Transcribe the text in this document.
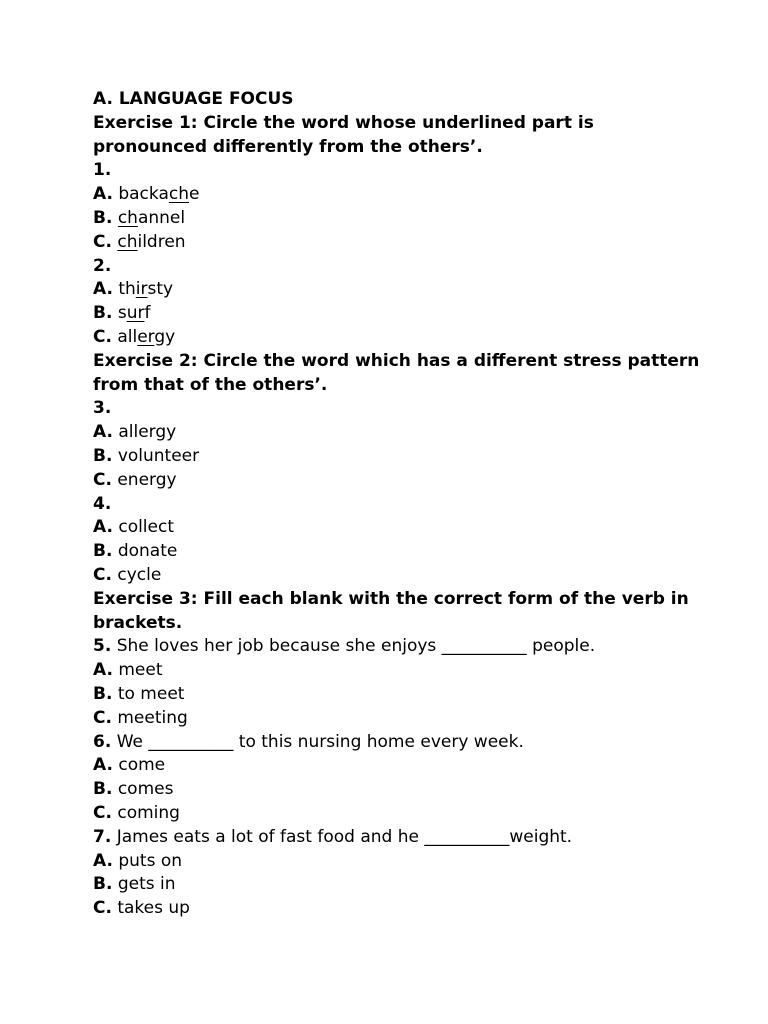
A. LANGUAGE FOCUS

Exercise 1: Circle the word whose underlined part is pronounced differently from the others’.

1.

A. backache

B. channel

C. children

2.

A. thirsty

B. surf

C. allergy

Exercise 2: Circle the word which has a different stress pattern from that of the others’.

3.

A. allergy

B. volunteer

C. energy

4.

A. collect

B. donate

C. cycle

Exercise 3: Fill each blank with the correct form of the verb in brackets.

5. She loves her job because she enjoys __________ people.

A. meet

B. to meet

C. meeting

6. We __________ to this nursing home every week.

A. come

B. comes

C. coming

7. James eats a lot of fast food and he __________weight.

A. puts on

B. gets in

C. takes up
